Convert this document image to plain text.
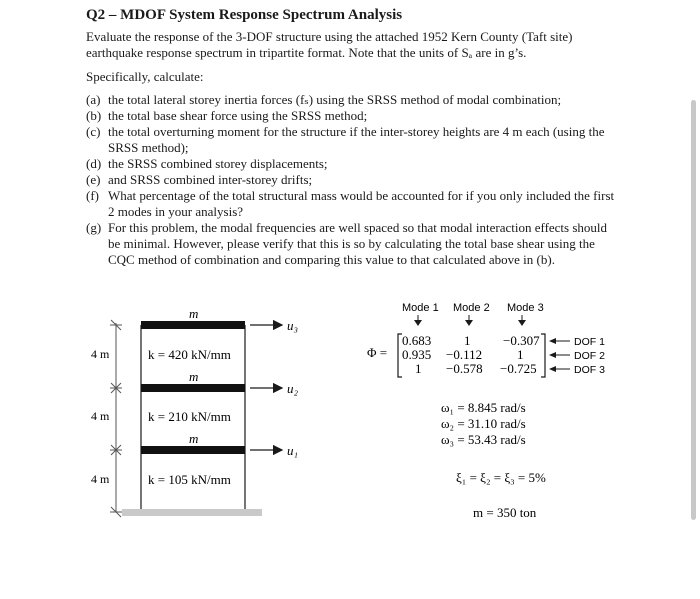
Q2 – MDOF System Response Spectrum Analysis
Evaluate the response of the 3-DOF structure using the attached 1952 Kern County (Taft site)
earthquake response spectrum in tripartite format. Note that the units of Sₐ are in g’s.
Specifically, calculate:
(a) the total lateral storey inertia forces (fₛ) using the SRSS method of modal combination;
(b) the total base shear force using the SRSS method;
(c) the total overturning moment for the structure if the inter-storey heights are 4 m each (using the
SRSS method);
(d) the SRSS combined storey displacements;
(e) and SRSS combined inter-storey drifts;
(f) What percentage of the total structural mass would be accounted for if you only included the first
2 modes in your analysis?
(g) For this problem, the modal frequencies are well spaced so that modal interaction effects should
be minimal. However, please verify that this is so by calculating the total base shear using the
CQC method of combination and comparing this value to that calculated above in (b).
m
m
m
4 m
4 m
4 m
k = 420 kN/mm
k = 210 kN/mm
k = 105 kN/mm
u₃
u₂
u₁
Mode 1 Mode 2 Mode 3
Φ =
0.683	1	−0.307
0.935 −0.112	1
1 −0.578 −0.725
DOF 1
DOF 2
DOF 3
ω₁ = 8.845 rad/s
ω₂ = 31.10 rad/s
ω₃ = 53.43 rad/s
ξ₁ = ξ₂ = ξ₃ = 5%
m = 350 ton
